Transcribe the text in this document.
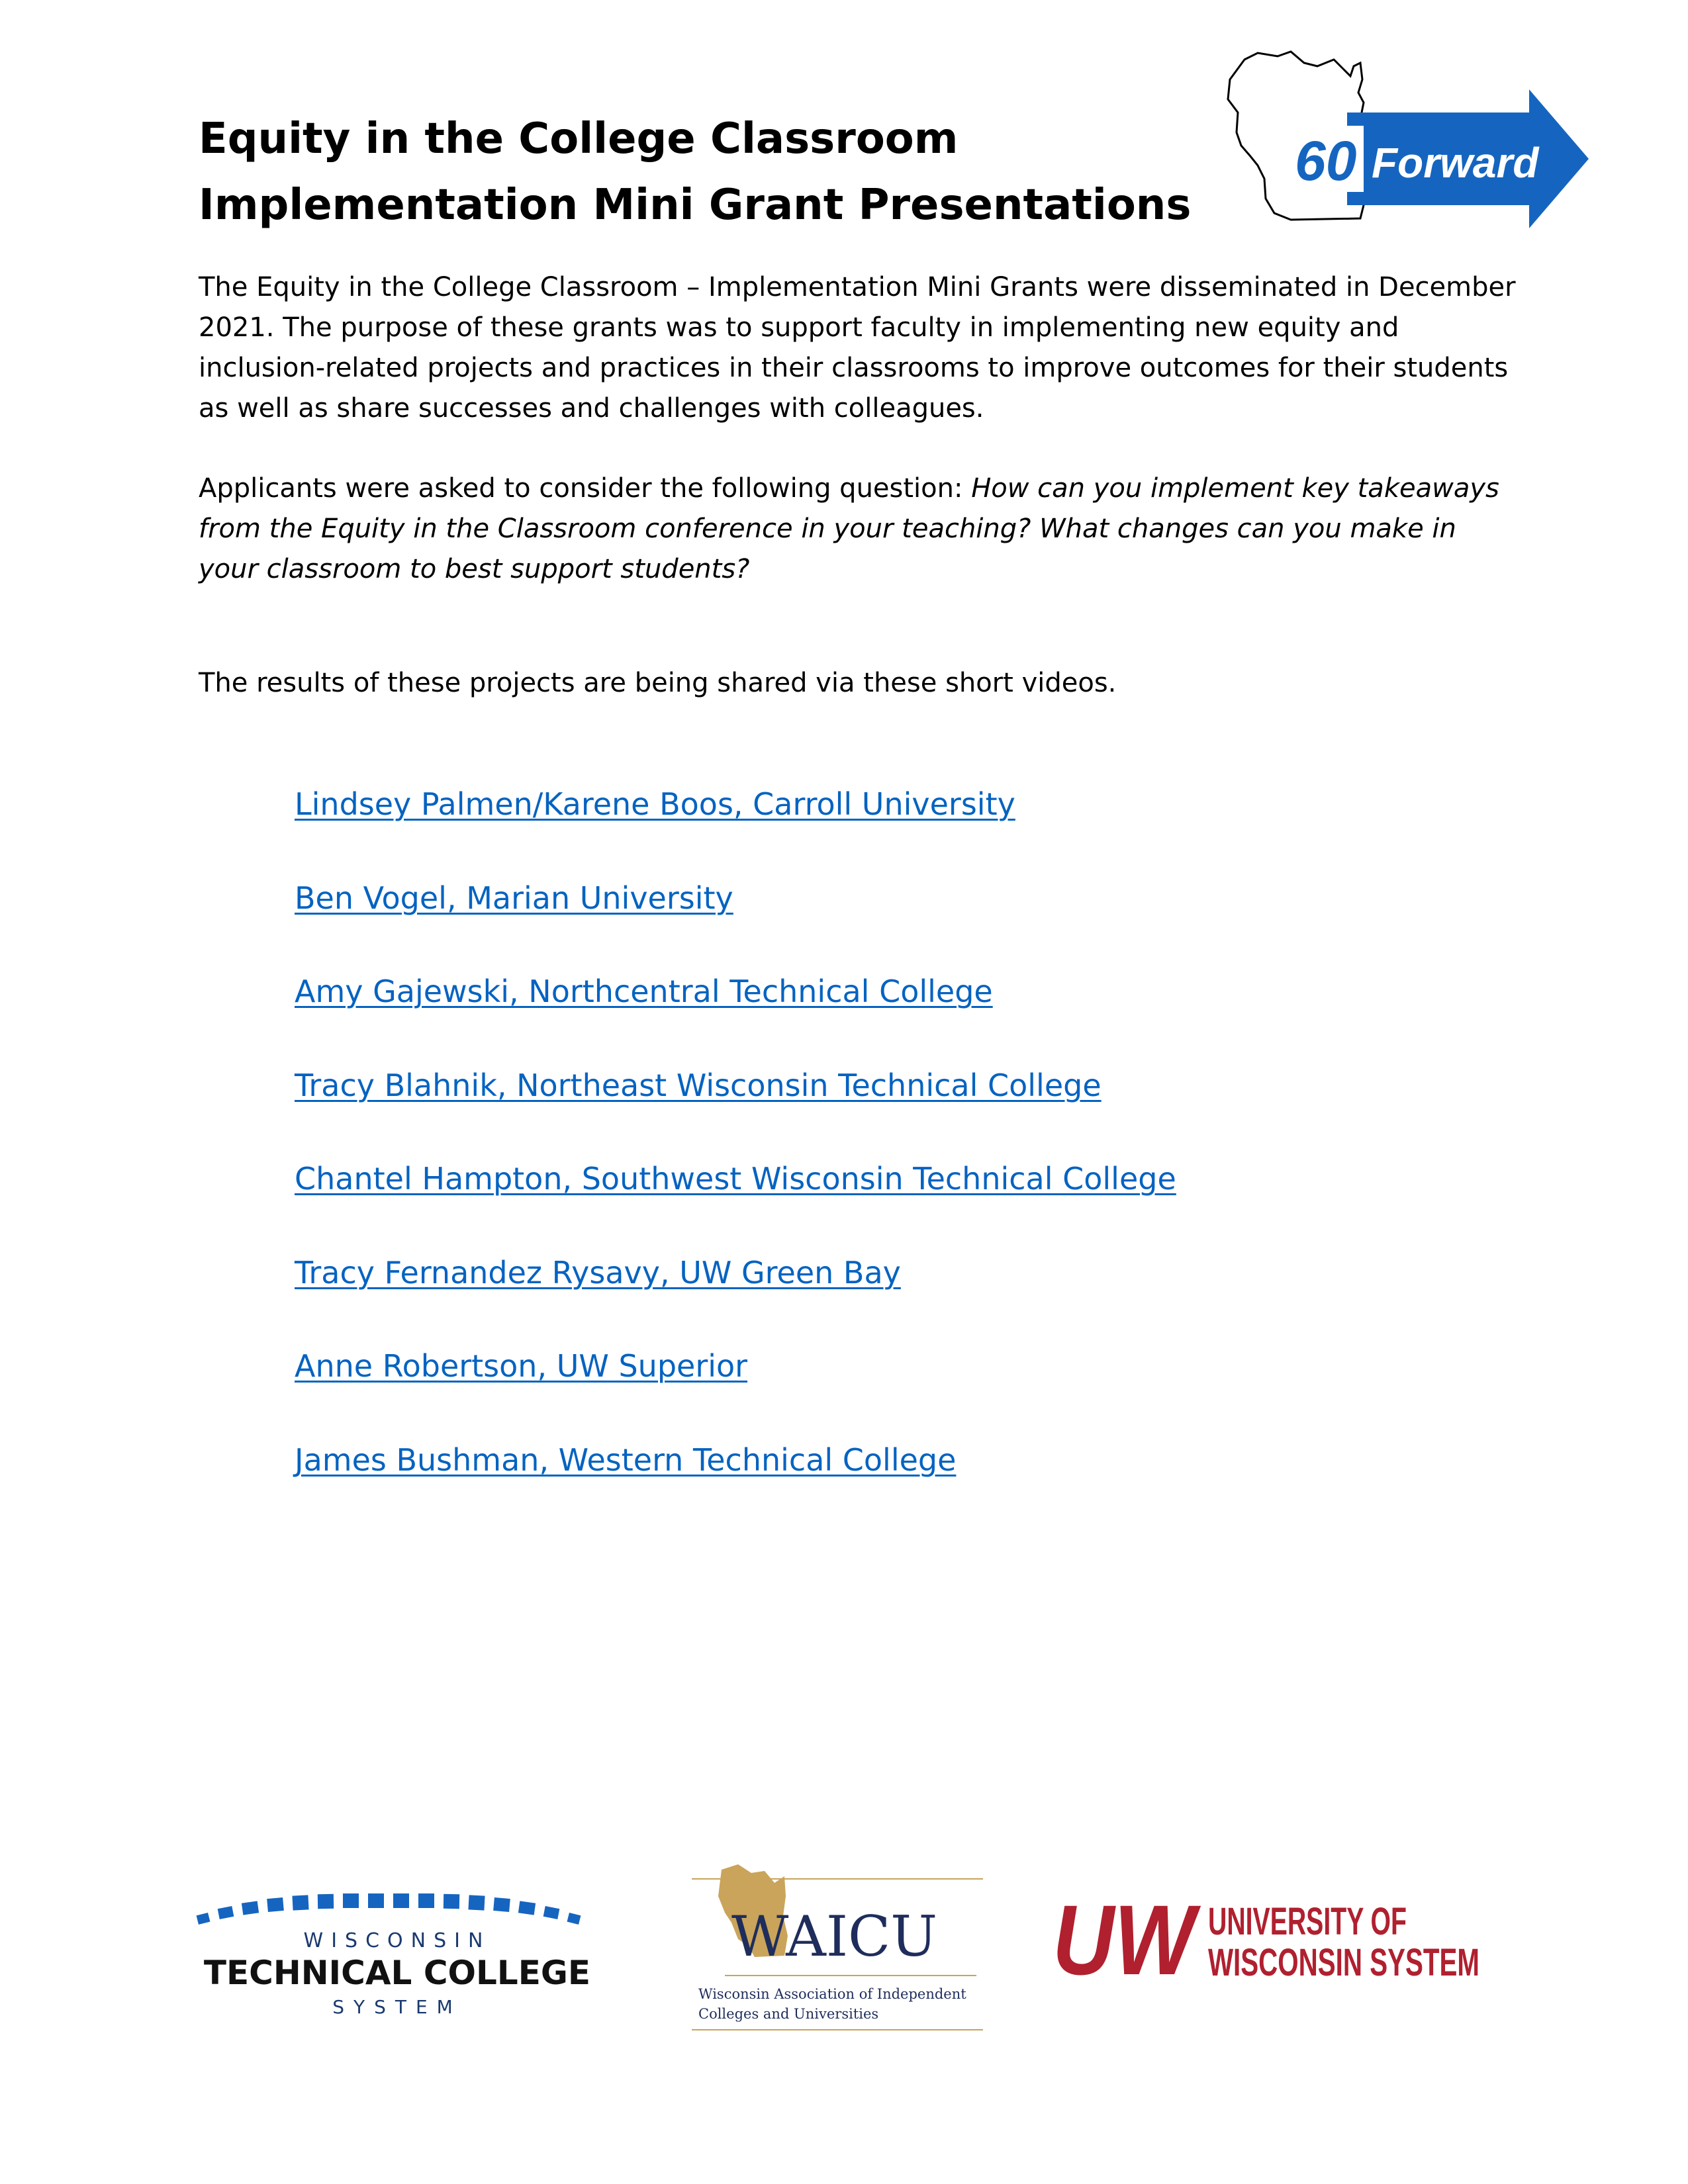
Equity in the College Classroom
Implementation Mini Grant Presentations
60 Forward

The Equity in the College Classroom – Implementation Mini Grants were disseminated in December 2021. The purpose of these grants was to support faculty in implementing new equity and inclusion-related projects and practices in their classrooms to improve outcomes for their students as well as share successes and challenges with colleagues.

Applicants were asked to consider the following question: How can you implement key takeaways from the Equity in the Classroom conference in your teaching? What changes can you make in your classroom to best support students?

The results of these projects are being shared via these short videos.

Lindsey Palmen/Karene Boos, Carroll University
Ben Vogel, Marian University
Amy Gajewski, Northcentral Technical College
Tracy Blahnik, Northeast Wisconsin Technical College
Chantel Hampton, Southwest Wisconsin Technical College
Tracy Fernandez Rysavy, UW Green Bay
Anne Robertson, UW Superior
James Bushman, Western Technical College
WISCONSIN
TECHNICAL COLLEGE
SYSTEM
WAICU
Wisconsin Association of Independent
Colleges and Universities
UW UNIVERSITY OF
WISCONSIN SYSTEM
